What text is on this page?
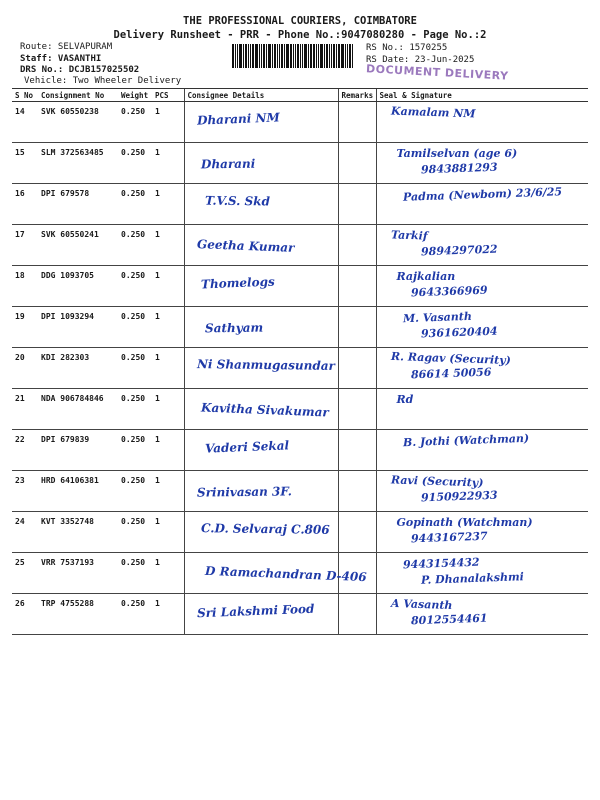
THE PROFESSIONAL COURIERS, COIMBATORE
Delivery Runsheet - PRR - Phone No.:9047080280 - Page No.:2
Route: SELVAPURAM
Staff: VASANTHI
DRS No.: DCJB157025502
Vehicle: Two Wheeler Delivery
RS No.: 1570255
RS Date: 23-Jun-2025
DOCUMENT DELIVERY
S No	Consignment No	Weight	PCS	Consignee Details	Remarks	Seal & Signature
14	SVK 60550238	0.250	1	Dharani NM		Kamalam NM

15	SLM 372563485	0.250	1	Dharani		Tamilselvan (age 6)
9843881293

16	DPI 679578	0.250	1	T.V.S. Skd		Padma (Newbom) 23/6/25

17	SVK 60550241	0.250	1	Geetha Kumar		Tarkif
9894297022

18	DDG 1093705	0.250	1	Thomelogs		Rajkalian
9643366969

19	DPI 1093294	0.250	1	Sathyam		M. Vasanth
9361620404

20	KDI 282303	0.250	1	Ni Shanmugasundar		R. Ragav (Security)
86614 50056

21	NDA 906784846	0.250	1	Kavitha Sivakumar		Rd

22	DPI 679839	0.250	1	Vaderi Sekal		B. Jothi (Watchman)

23	HRD 64106381	0.250	1	Srinivasan 3F.		Ravi (Security)
9150922933

24	KVT 3352748	0.250	1	C.D. Selvaraj C.806		Gopinath (Watchman)
9443167237

25	VRR 7537193	0.250	1	D Ramachandran D-406		9443154432
P. Dhanalakshmi

26	TRP 4755288	0.250	1	Sri Lakshmi Food		A Vasanth
8012554461
